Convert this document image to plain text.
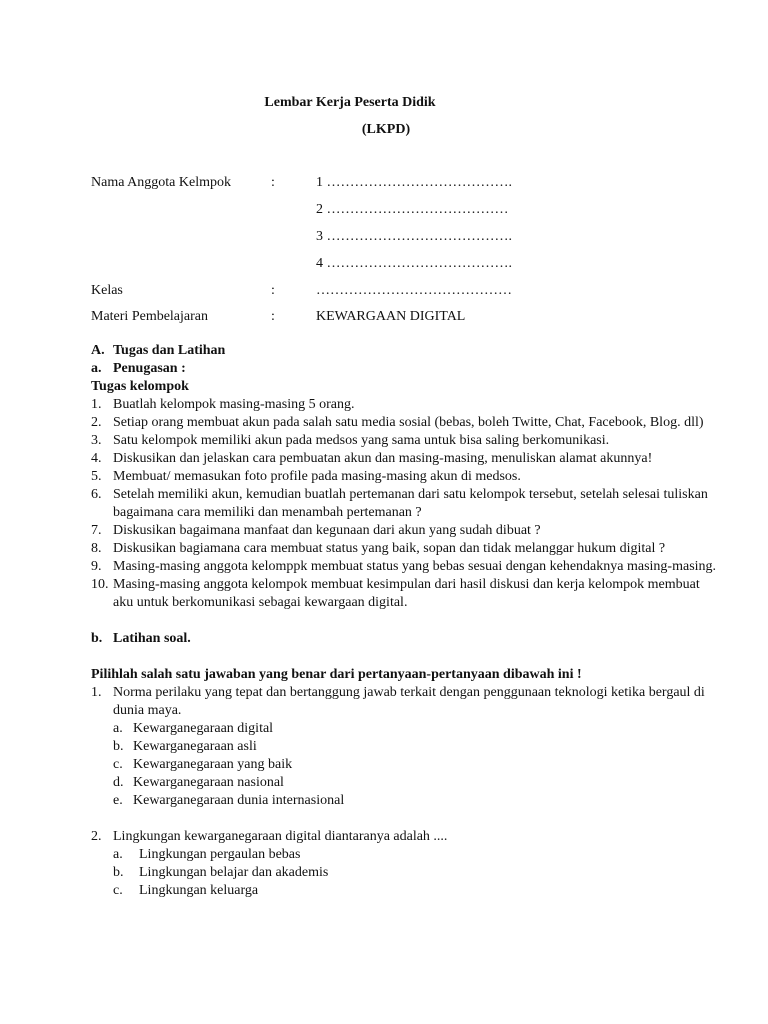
Lembar Kerja Peserta Didik
(LKPD)
Nama Anggota Kelmpok	:	1 ………………………………….
2 …………………………………
3 ………………………………….
4 ………………………………….
Kelas	:	……………………………………
Materi Pembelajaran	:	KEWARGAAN DIGITAL
A. Tugas dan Latihan
a. Penugasan :
Tugas kelompok
1. Buatlah kelompok masing-masing 5 orang.
2. Setiap orang membuat akun pada salah satu media sosial (bebas, boleh Twitte, Chat, Facebook, Blog. dll)
3. Satu kelompok memiliki akun pada medsos yang sama untuk bisa saling berkomunikasi.
4. Diskusikan dan jelaskan cara pembuatan akun dan masing-masing, menuliskan alamat akunnya!
5. Membuat/ memasukan foto profile pada masing-masing akun di medsos.
6. Setelah memiliki akun, kemudian buatlah pertemanan dari satu kelompok tersebut, setelah selesai tuliskan bagaimana cara memiliki dan menambah pertemanan ?
7. Diskusikan bagaimana manfaat dan kegunaan dari akun yang sudah dibuat ?
8. Diskusikan bagiamana cara membuat status yang baik, sopan dan tidak melanggar hukum digital ?
9. Masing-masing anggota kelomppk membuat status yang bebas sesuai dengan kehendaknya masing-masing.
10. Masing-masing anggota kelompok membuat kesimpulan dari hasil diskusi dan kerja kelompok membuat aku untuk berkomunikasi sebagai kewargaan digital.
b. Latihan soal.
Pilihlah salah satu jawaban yang benar dari pertanyaan-pertanyaan dibawah ini !
1. Norma perilaku yang tepat dan bertanggung jawab terkait dengan penggunaan teknologi ketika bergaul di dunia maya.
a. Kewarganegaraan digital
b. Kewarganegaraan asli
c. Kewarganegaraan yang baik
d. Kewarganegaraan nasional
e. Kewarganegaraan dunia internasional
2. Lingkungan kewarganegaraan digital diantaranya adalah ....
a.	Lingkungan pergaulan bebas
b.	Lingkungan belajar dan akademis
c.	Lingkungan keluarga
